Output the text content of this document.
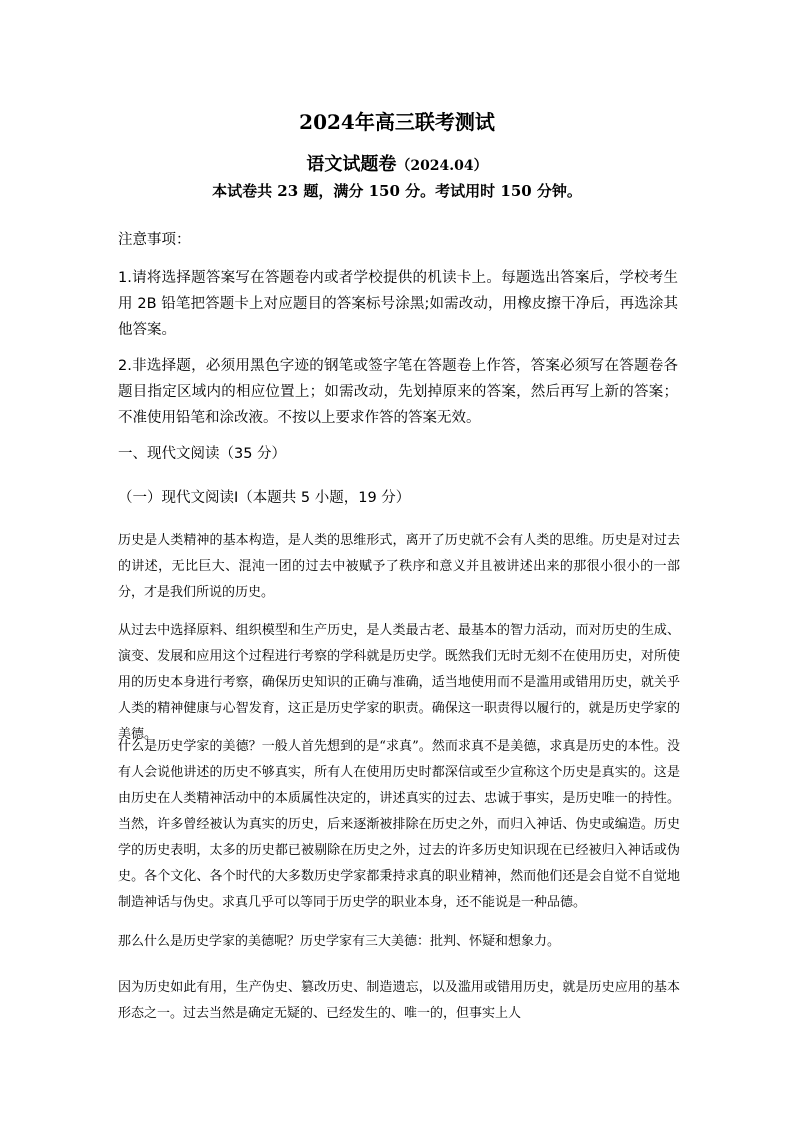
2024年高三联考测试
语文试题卷（2024.04）
本试卷共 23 题，满分 150 分。考试用时 150 分钟。
注意事项：
1.请将选择题答案写在答题卷内或者学校提供的机读卡上。每题选出答案后，学校考生用 2B 铅笔把答题卡上对应题目的答案标号涂黑;如需改动，用橡皮擦干净后，再选涂其他答案。
2.非选择题，必须用黑色字迹的钢笔或签字笔在答题卷上作答，答案必须写在答题卷各题目指定区域内的相应位置上；如需改动，先划掉原来的答案，然后再写上新的答案；不准使用铅笔和涂改液。不按以上要求作答的答案无效。
一、现代文阅读（35 分）
（一）现代文阅读Ⅰ（本题共 5 小题，19 分）
历史是人类精神的基本构造，是人类的思维形式，离开了历史就不会有人类的思维。历史是对过去的讲述，无比巨大、混沌一团的过去中被赋予了秩序和意义并且被讲述出来的那很小很小的一部分，才是我们所说的历史。
从过去中选择原料、组织模型和生产历史，是人类最古老、最基本的智力活动，而对历史的生成、演变、发展和应用这个过程进行考察的学科就是历史学。既然我们无时无刻不在使用历史，对所使用的历史本身进行考察，确保历史知识的正确与准确，适当地使用而不是滥用或错用历史，就关乎人类的精神健康与心智发育，这正是历史学家的职责。确保这一职责得以履行的，就是历史学家的美德。
什么是历史学家的美德？一般人首先想到的是“求真”。然而求真不是美德，求真是历史的本性。没有人会说他讲述的历史不够真实，所有人在使用历史时都深信或至少宣称这个历史是真实的。这是由历史在人类精神活动中的本质属性决定的，讲述真实的过去、忠诚于事实，是历史唯一的持性。当然，许多曾经被认为真实的历史，后来逐渐被排除在历史之外，而归入神话、伪史或编造。历史学的历史表明，太多的历史都已被剔除在历史之外，过去的许多历史知识现在已经被归入神话或伪史。各个文化、各个时代的大多数历史学家都秉持求真的职业精神，然而他们还是会自觉不自觉地制造神话与伪史。求真几乎可以等同于历史学的职业本身，还不能说是一种品德。
那么什么是历史学家的美德呢？历史学家有三大美德：批判、怀疑和想象力。
因为历史如此有用，生产伪史、篡改历史、制造遗忘，以及滥用或错用历史，就是历史应用的基本形态之一。过去当然是确定无疑的、已经发生的、唯一的，但事实上人
